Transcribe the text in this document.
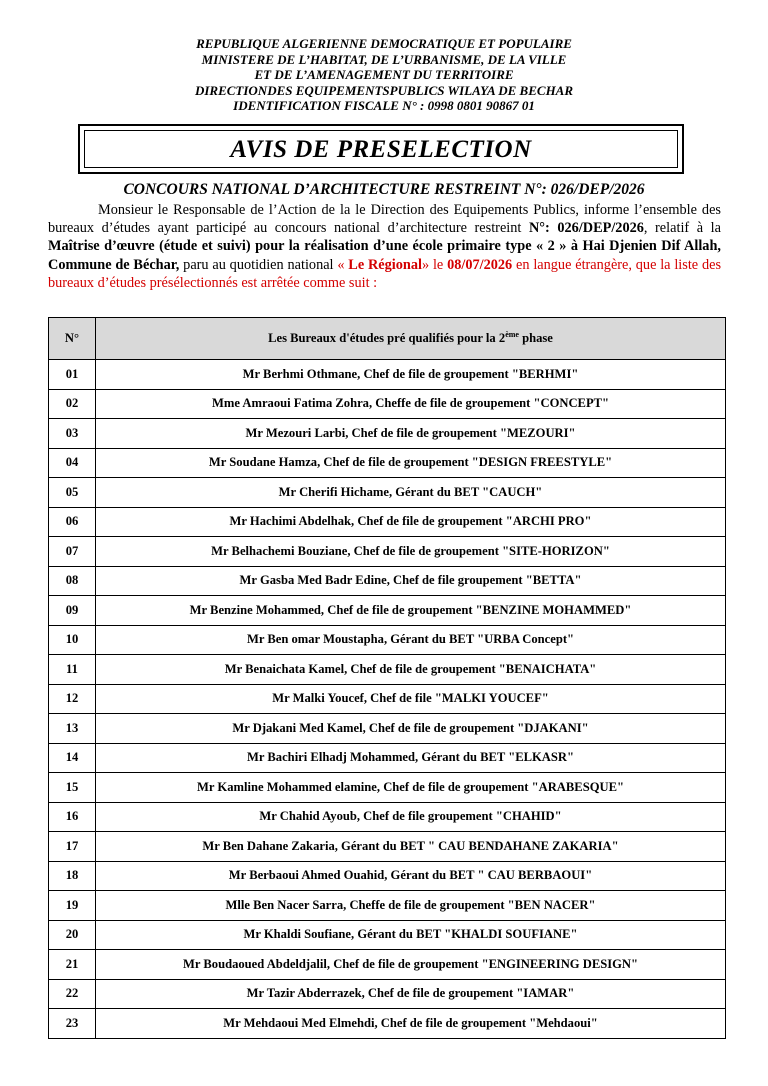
REPUBLIQUE ALGERIENNE DEMOCRATIQUE ET POPULAIRE
MINISTERE DE L’HABITAT, DE L’URBANISME, DE LA VILLE
ET DE L’AMENAGEMENT DU TERRITOIRE
DIRECTIONDES EQUIPEMENTSPUBLICS WILAYA DE BECHAR
IDENTIFICATION FISCALE N° : 0998 0801 90867 01
AVIS DE PRESELECTION
CONCOURS NATIONAL D’ARCHITECTURE RESTREINT N°: 026/DEP/2026
Monsieur le Responsable de l’Action de la le Direction des Equipements Publics, informe l’ensemble des bureaux d’études ayant participé au concours national d’architecture restreint N°: 026/DEP/2026, relatif à la Maîtrise d’œuvre (étude et suivi) pour la réalisation d’une école primaire type « 2 » à Hai Djenien Dif Allah, Commune de Béchar, paru au quotidien national « Le Régional» le 08/07/2026 en langue étrangère, que la liste des bureaux d’études présélectionnés est arrêtée comme suit :
N°	Les Bureaux d'études pré qualifiés pour la 2ème phase
01	Mr Berhmi Othmane, Chef de file de groupement "BERHMI"
02	Mme Amraoui Fatima Zohra, Cheffe de file de groupement "CONCEPT"
03	Mr Mezouri Larbi, Chef de file de groupement "MEZOURI"
04	Mr Soudane Hamza, Chef de file de groupement "DESIGN FREESTYLE"
05	Mr Cherifi Hichame, Gérant du BET "CAUCH"
06	Mr Hachimi Abdelhak, Chef de file de groupement "ARCHI PRO"
07	Mr Belhachemi Bouziane, Chef de file de groupement "SITE-HORIZON"
08	Mr Gasba Med Badr Edine, Chef de file groupement "BETTA"
09	Mr Benzine Mohammed, Chef de file de groupement "BENZINE MOHAMMED"
10	Mr Ben omar Moustapha, Gérant du BET "URBA Concept"
11	Mr Benaichata Kamel, Chef de file de groupement "BENAICHATA"
12	Mr Malki Youcef, Chef de file "MALKI YOUCEF"
13	Mr Djakani Med Kamel, Chef de file de groupement "DJAKANI"
14	Mr Bachiri Elhadj Mohammed, Gérant du BET "ELKASR"
15	Mr Kamline Mohammed elamine, Chef de file de groupement "ARABESQUE"
16	Mr Chahid Ayoub, Chef de file groupement "CHAHID"
17	Mr Ben Dahane Zakaria, Gérant du BET " CAU BENDAHANE ZAKARIA"
18	Mr Berbaoui Ahmed Ouahid, Gérant du BET " CAU BERBAOUI"
19	Mlle Ben Nacer Sarra, Cheffe de file de groupement "BEN NACER"
20	Mr Khaldi Soufiane, Gérant du BET "KHALDI SOUFIANE"
21	Mr Boudaoued Abdeldjalil, Chef de file de groupement "ENGINEERING DESIGN"
22	Mr Tazir Abderrazek, Chef de file de groupement "IAMAR"
23	Mr Mehdaoui Med Elmehdi, Chef de file de groupement "Mehdaoui"
